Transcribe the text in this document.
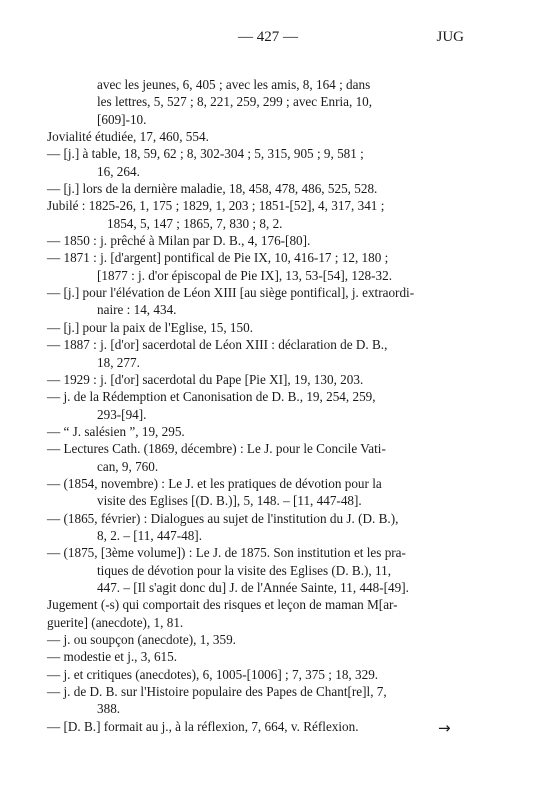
— 427 —	JUG
avec les jeunes, 6, 405 ; avec les amis, 8, 164 ; dans
les lettres, 5, 527 ; 8, 221, 259, 299 ; avec Enria, 10,
[609]-10.
Jovialité étudiée, 17, 460, 554.
— [j.] à table, 18, 59, 62 ; 8, 302-304 ; 5, 315, 905 ; 9, 581 ;
16, 264.
— [j.] lors de la dernière maladie, 18, 458, 478, 486, 525, 528.
Jubilé : 1825-26, 1, 175 ; 1829, 1, 203 ; 1851-[52], 4, 317, 341 ;
1854, 5, 147 ; 1865, 7, 830 ; 8, 2.
— 1850 : j. prêché à Milan par D. B., 4, 176-[80].
— 1871 : j. [d'argent] pontifical de Pie IX, 10, 416-17 ; 12, 180 ;
[1877 : j. d'or épiscopal de Pie IX], 13, 53-[54], 128-32.
— [j.] pour l'élévation de Léon XIII [au siège pontifical], j. extraordi-
naire : 14, 434.
— [j.] pour la paix de l'Eglise, 15, 150.
— 1887 : j. [d'or] sacerdotal de Léon XIII : déclaration de D. B.,
18, 277.
— 1929 : j. [d'or] sacerdotal du Pape [Pie XI], 19, 130, 203.
— j. de la Rédemption et Canonisation de D. B., 19, 254, 259,
293-[94].
— “ J. salésien ”, 19, 295.
— Lectures Cath. (1869, décembre) : Le J. pour le Concile Vati-
can, 9, 760.
— (1854, novembre) : Le J. et les pratiques de dévotion pour la
visite des Eglises [(D. B.)], 5, 148. – [11, 447-48].
— (1865, février) : Dialogues au sujet de l'institution du J. (D. B.),
8, 2. – [11, 447-48].
— (1875, [3ème volume]) : Le J. de 1875. Son institution et les pra-
tiques de dévotion pour la visite des Eglises (D. B.), 11,
447. – [Il s'agit donc du] J. de l'Année Sainte, 11, 448-[49].
Jugement (-s) qui comportait des risques et leçon de maman M[ar-
guerite] (anecdote), 1, 81.
— j. ou soupçon (anecdote), 1, 359.
— modestie et j., 3, 615.
— j. et critiques (anecdotes), 6, 1005-[1006] ; 7, 375 ; 18, 329.
— j. de D. B. sur l'Histoire populaire des Papes de Chant[re]l, 7,
388.
— [D. B.] formait au j., à la réflexion, 7, 664, v. Réflexion.	→
